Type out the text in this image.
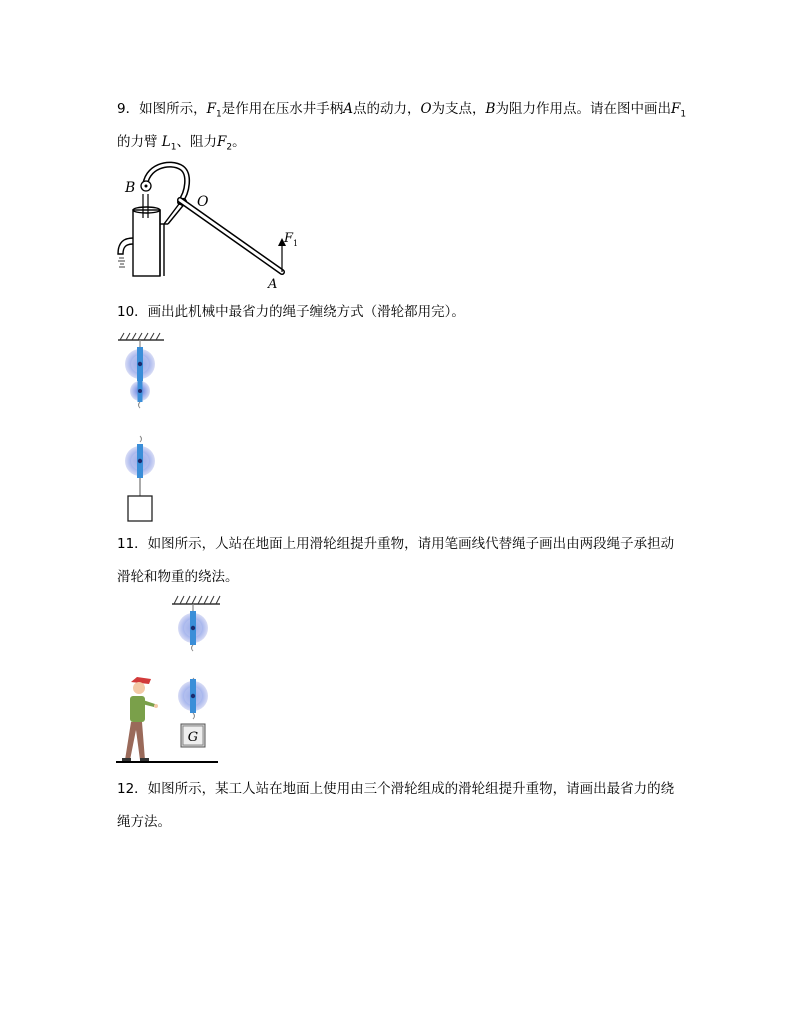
9．如图所示，$F_1$是作用在压水井手柄A点的动力，O为支点，B为阻力作用点。请在图中画出$F_1$
的力臂 $L_1$、阻力$F_2$。
B
O
F 1
A
10．画出此机械中最省力的绳子缠绕方式（滑轮都用完）。
11．如图所示，人站在地面上用滑轮组提升重物，请用笔画线代替绳子画出由两段绳子承担动
滑轮和物重的绕法。
G
12．如图所示，某工人站在地面上使用由三个滑轮组成的滑轮组提升重物，请画出最省力的绕
绳方法。
